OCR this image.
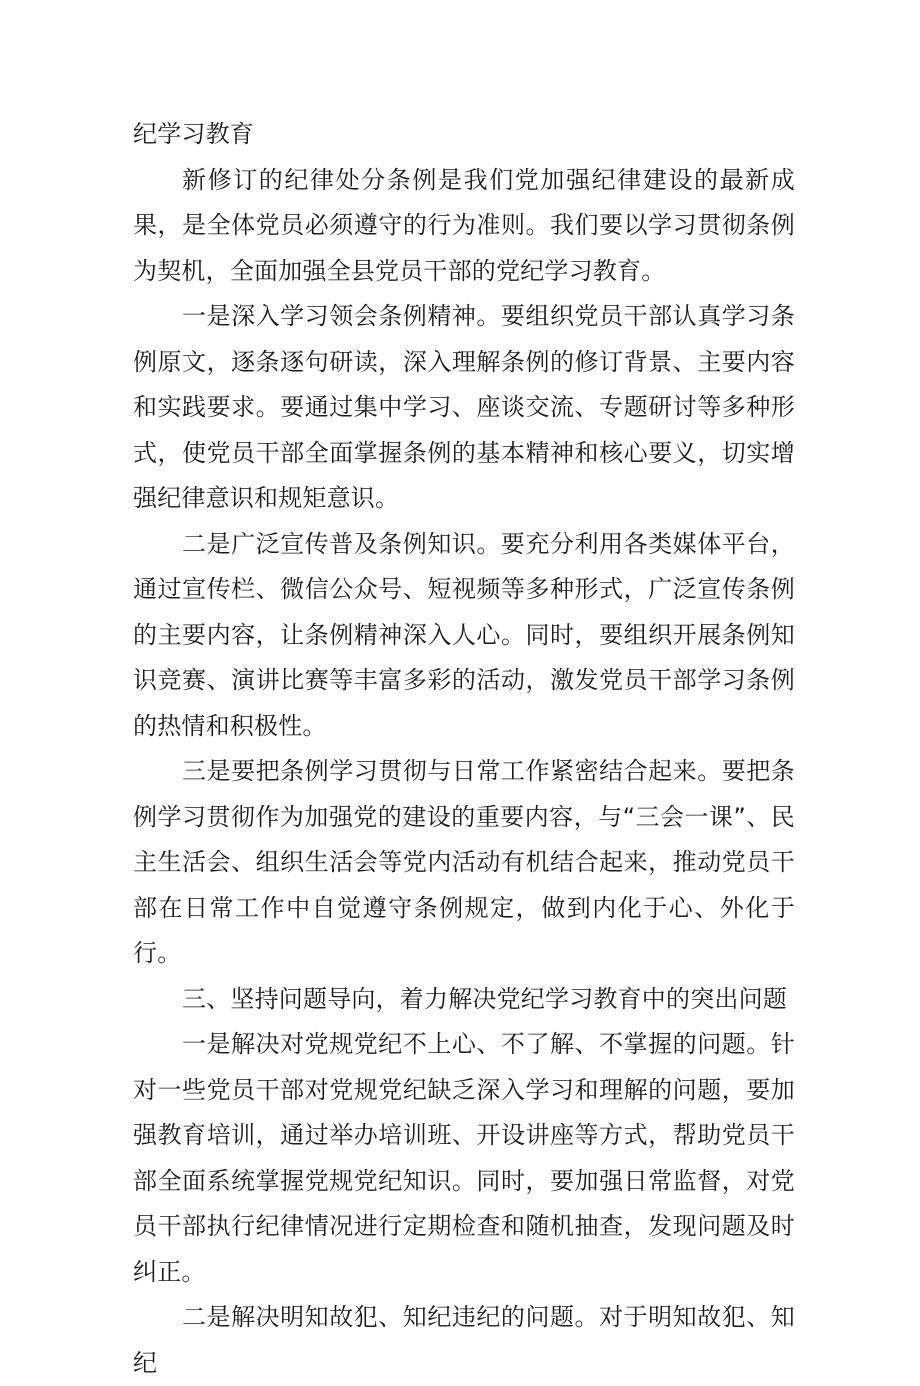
纪学习教育

新修订的纪律处分条例是我们党加强纪律建设的最新成果，是全体党员必须遵守的行为准则。我们要以学习贯彻条例为契机，全面加强全县党员干部的党纪学习教育。

一是深入学习领会条例精神。要组织党员干部认真学习条例原文，逐条逐句研读，深入理解条例的修订背景、主要内容和实践要求。要通过集中学习、座谈交流、专题研讨等多种形式，使党员干部全面掌握条例的基本精神和核心要义，切实增强纪律意识和规矩意识。

二是广泛宣传普及条例知识。要充分利用各类媒体平台，通过宣传栏、微信公众号、短视频等多种形式，广泛宣传条例的主要内容，让条例精神深入人心。同时，要组织开展条例知识竞赛、演讲比赛等丰富多彩的活动，激发党员干部学习条例的热情和积极性。

三是要把条例学习贯彻与日常工作紧密结合起来。要把条例学习贯彻作为加强党的建设的重要内容，与“三会一课”、民主生活会、组织生活会等党内活动有机结合起来，推动党员干部在日常工作中自觉遵守条例规定，做到内化于心、外化于行。

三、坚持问题导向，着力解决党纪学习教育中的突出问题

一是解决对党规党纪不上心、不了解、不掌握的问题。针对一些党员干部对党规党纪缺乏深入学习和理解的问题，要加强教育培训，通过举办培训班、开设讲座等方式，帮助党员干部全面系统掌握党规党纪知识。同时，要加强日常监督，对党员干部执行纪律情况进行定期检查和随机抽查，发现问题及时纠正。

二是解决明知故犯、知纪违纪的问题。对于明知故犯、知纪
